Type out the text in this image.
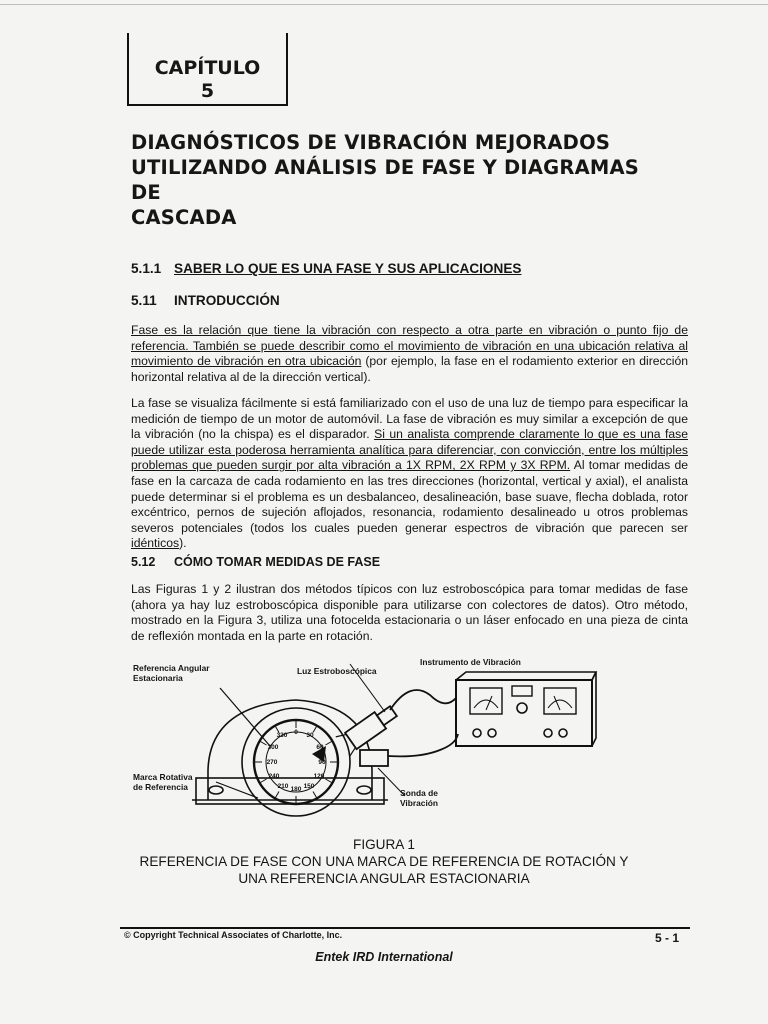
CAPÍTULO
5
DIAGNÓSTICOS DE VIBRACIÓN MEJORADOS
UTILIZANDO ANÁLISIS DE FASE Y DIAGRAMAS DE
CASCADA
5.1.1 SABER LO QUE ES UNA FASE Y SUS APLICACIONES
5.11 INTRODUCCIÓN

Fase es la relación que tiene la vibración con respecto a otra parte en vibración o punto fijo de referencia. También se puede describir como el movimiento de vibración en una ubicación relativa al movimiento de vibración en otra ubicación (por ejemplo, la fase en el rodamiento exterior en dirección horizontal relativa al de la dirección vertical).

La fase se visualiza fácilmente si está familiarizado con el uso de una luz de tiempo para especificar la medición de tiempo de un motor de automóvil. La fase de vibración es muy similar a excepción de que la vibración (no la chispa) es el disparador. Si un analista comprende claramente lo que es una fase puede utilizar esta poderosa herramienta analítica para diferenciar, con convicción, entre los múltiples problemas que pueden surgir por alta vibración a 1X RPM, 2X RPM y 3X RPM. Al tomar medidas de fase en la carcaza de cada rodamiento en las tres direcciones (horizontal, vertical y axial), el analista puede determinar si el problema es un desbalanceo, desalineación, base suave, flecha doblada, rotor excéntrico, pernos de sujeción aflojados, resonancia, rodamiento desalineado u otros problemas severos potenciales (todos los cuales pueden generar espectros de vibración que parecen ser idénticos).

5.12 CÓMO TOMAR MEDIDAS DE FASE

Las Figuras 1 y 2 ilustran dos métodos típicos con luz estroboscópica para tomar medidas de fase (ahora ya hay luz estroboscópica disponible para utilizarse con colectores de datos). Otro método, mostrado en la Figura 3, utiliza una fotocelda estacionaria o un láser enfocado en una pieza de cinta de reflexión montada en la parte en rotación.

Referencia Angular
Estacionaria
Luz Estroboscópica
Instrumento de Vibración
Marca Rotativa
de Referencia
Sonda de
Vibración
330 0 30
300	60
270	90
240	120
210 180 150
FIGURA 1
REFERENCIA DE FASE CON UNA MARCA DE REFERENCIA DE ROTACIÓN Y
UNA REFERENCIA ANGULAR ESTACIONARIA
© Copyright Technical Associates of Charlotte, Inc.	5 - 1
Entek IRD International
